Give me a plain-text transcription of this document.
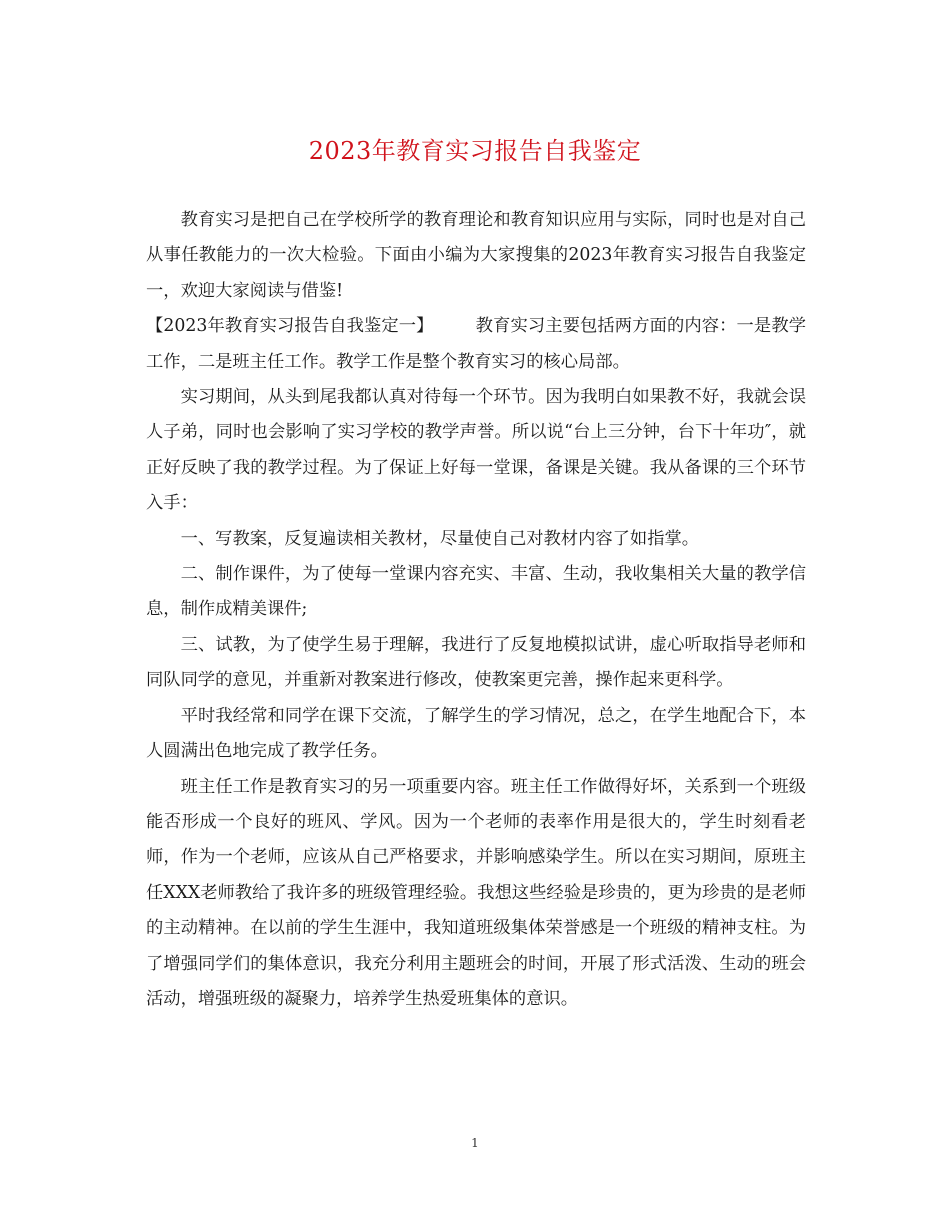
2023年教育实习报告自我鉴定

教育实习是把自己在学校所学的教育理论和教育知识应用与实际，同时也是对自己从事任教能力的一次大检验。下面由小编为大家搜集的2023年教育实习报告自我鉴定一，欢迎大家阅读与借鉴!

【2023年教育实习报告自我鉴定一】 教育实习主要包括两方面的内容：一是教学工作，二是班主任工作。教学工作是整个教育实习的核心局部。

实习期间，从头到尾我都认真对待每一个环节。因为我明白如果教不好，我就会误人子弟，同时也会影响了实习学校的教学声誉。所以说“台上三分钟，台下十年功″，就正好反映了我的教学过程。为了保证上好每一堂课，备课是关键。我从备课的三个环节入手：

一、写教案，反复遍读相关教材，尽量使自己对教材内容了如指掌。

二、制作课件，为了使每一堂课内容充实、丰富、生动，我收集相关大量的教学信息，制作成精美课件;

三、试教，为了使学生易于理解，我进行了反复地模拟试讲，虚心听取指导老师和同队同学的意见，并重新对教案进行修改，使教案更完善，操作起来更科学。

平时我经常和同学在课下交流，了解学生的学习情况，总之，在学生地配合下，本人圆满出色地完成了教学任务。

班主任工作是教育实习的另一项重要内容。班主任工作做得好坏，关系到一个班级能否形成一个良好的班风、学风。因为一个老师的表率作用是很大的，学生时刻看老师，作为一个老师，应该从自己严格要求，并影响感染学生。所以在实习期间，原班主任XXX老师教给了我许多的班级管理经验。我想这些经验是珍贵的，更为珍贵的是老师的主动精神。在以前的学生生涯中，我知道班级集体荣誉感是一个班级的精神支柱。为了增强同学们的集体意识，我充分利用主题班会的时间，开展了形式活泼、生动的班会活动，增强班级的凝聚力，培养学生热爱班集体的意识。

1
